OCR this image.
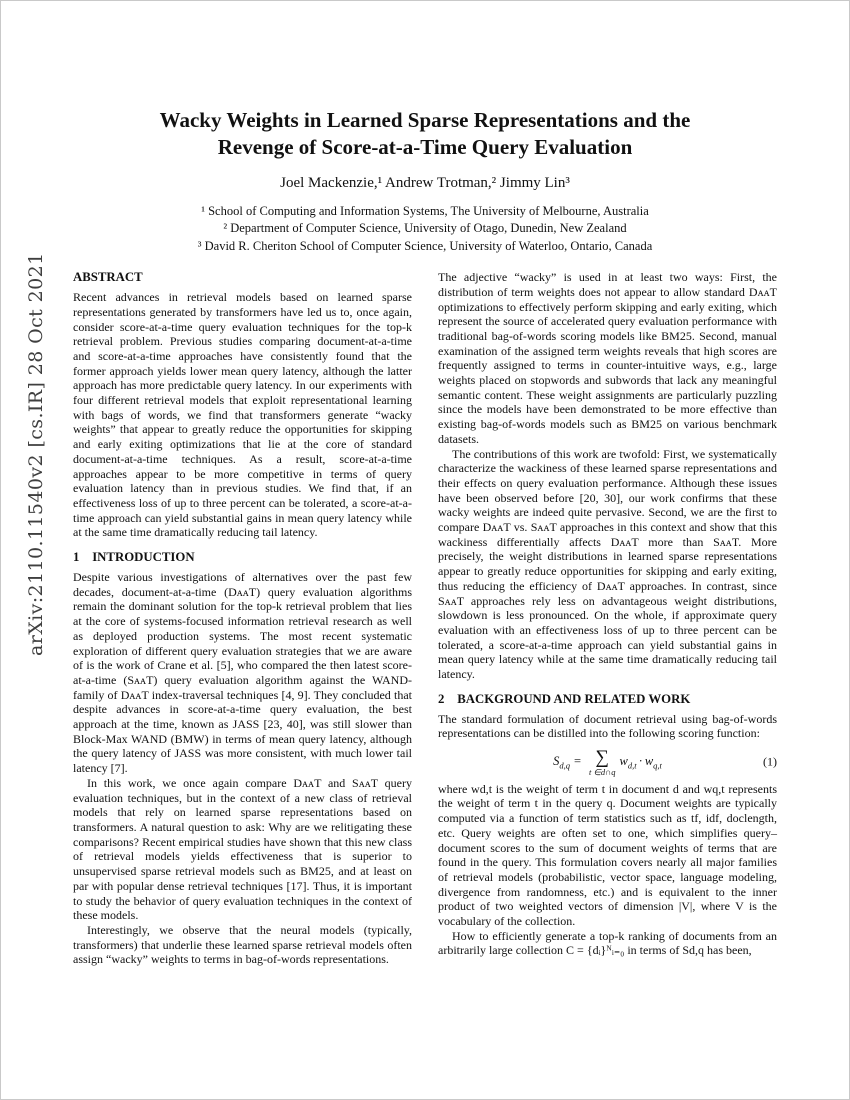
arXiv:2110.11540v2 [cs.IR] 28 Oct 2021
Wacky Weights in Learned Sparse Representations and the
Revenge of Score-at-a-Time Query Evaluation
Joel Mackenzie,¹ Andrew Trotman,² Jimmy Lin³
¹ School of Computing and Information Systems, The University of Melbourne, Australia
² Department of Computer Science, University of Otago, Dunedin, New Zealand
³ David R. Cheriton School of Computer Science, University of Waterloo, Ontario, Canada
ABSTRACT

Recent advances in retrieval models based on learned sparse representations generated by transformers have led us to, once again, consider score-at-a-time query evaluation techniques for the top-k retrieval problem. Previous studies comparing document-at-a-time and score-at-a-time approaches have consistently found that the former approach yields lower mean query latency, although the latter approach has more predictable query latency. In our experiments with four different retrieval models that exploit representational learning with bags of words, we find that transformers generate “wacky weights” that appear to greatly reduce the opportunities for skipping and early exiting optimizations that lie at the core of standard document-at-a-time techniques. As a result, score-at-a-time approaches appear to be more competitive in terms of query evaluation latency than in previous studies. We find that, if an effectiveness loss of up to three percent can be tolerated, a score-at-a-time approach can yield substantial gains in mean query latency while at the same time dramatically reducing tail latency.

1 INTRODUCTION

Despite various investigations of alternatives over the past few decades, document-at-a-time (DᴀᴀT) query evaluation algorithms remain the dominant solution for the top-k retrieval problem that lies at the core of systems-focused information retrieval research as well as deployed production systems. The most recent systematic exploration of different query evaluation strategies that we are aware of is the work of Crane et al. [5], who compared the then latest score-at-a-time (SᴀᴀT) query evaluation algorithm against the WAND-family of DᴀᴀT index-traversal techniques [4, 9]. They concluded that despite advances in score-at-a-time query evaluation, the best approach at the time, known as JASS [23, 40], was still slower than Block-Max WAND (BMW) in terms of mean query latency, although the query latency of JASS was more consistent, with much lower tail latency [7].

In this work, we once again compare DᴀᴀT and SᴀᴀT query evaluation techniques, but in the context of a new class of retrieval models that rely on learned sparse representations based on transformers. A natural question to ask: Why are we relitigating these comparisons? Recent empirical studies have shown that this new class of retrieval models yields effectiveness that is superior to unsupervised sparse retrieval models such as BM25, and at least on par with popular dense retrieval techniques [17]. Thus, it is important to study the behavior of query evaluation techniques in the context of these models.

Interestingly, we observe that the neural models (typically, transformers) that underlie these learned sparse retrieval models often assign “wacky” weights to terms in bag-of-words representations.

The adjective “wacky” is used in at least two ways: First, the distribution of term weights does not appear to allow standard DᴀᴀT optimizations to effectively perform skipping and early exiting, which represent the source of accelerated query evaluation performance with traditional bag-of-words scoring models like BM25. Second, manual examination of the assigned term weights reveals that high scores are frequently assigned to terms in counter-intuitive ways, e.g., large weights placed on stopwords and subwords that lack any meaningful semantic content. These weight assignments are particularly puzzling since the models have been demonstrated to be more effective than existing bag-of-words models such as BM25 on various benchmark datasets.

The contributions of this work are twofold: First, we systematically characterize the wackiness of these learned sparse representations and their effects on query evaluation performance. Although these issues have been observed before [20, 30], our work confirms that these wacky weights are indeed quite pervasive. Second, we are the first to compare DᴀᴀT vs. SᴀᴀT approaches in this context and show that this wackiness differentially affects DᴀᴀT more than SᴀᴀT. More precisely, the weight distributions in learned sparse representations appear to greatly reduce opportunities for skipping and early exiting, thus reducing the efficiency of DᴀᴀT approaches. In contrast, since SᴀᴀT approaches rely less on advantageous weight distributions, slowdown is less pronounced. On the whole, if approximate query evaluation with an effectiveness loss of up to three percent can be tolerated, a score-at-a-time approach can yield substantial gains in mean query latency while at the same time dramatically reducing tail latency.

2 BACKGROUND AND RELATED WORK

The standard formulation of document retrieval using bag-of-words representations can be distilled into the following scoring function:

$S_{d,q}$ = ∑
t ∈d∩q
$w_{d,t} \cdot w_{q,t}$	(1)

where wd,t is the weight of term t in document d and wq,t represents the weight of term t in the query q. Document weights are typically computed via a function of term statistics such as tf, idf, doclength, etc. Query weights are often set to one, which simplifies query–document scores to the sum of document weights of terms that are found in the query. This formulation covers nearly all major families of retrieval models (probabilistic, vector space, language modeling, divergence from randomness, etc.) and is equivalent to the inner product of two weighted vectors of dimension |V|, where V is the vocabulary of the collection.

How to efficiently generate a top-k ranking of documents from an arbitrarily large collection C = {dᵢ}ᴺᵢ₌₀ in terms of Sd,q has been,
